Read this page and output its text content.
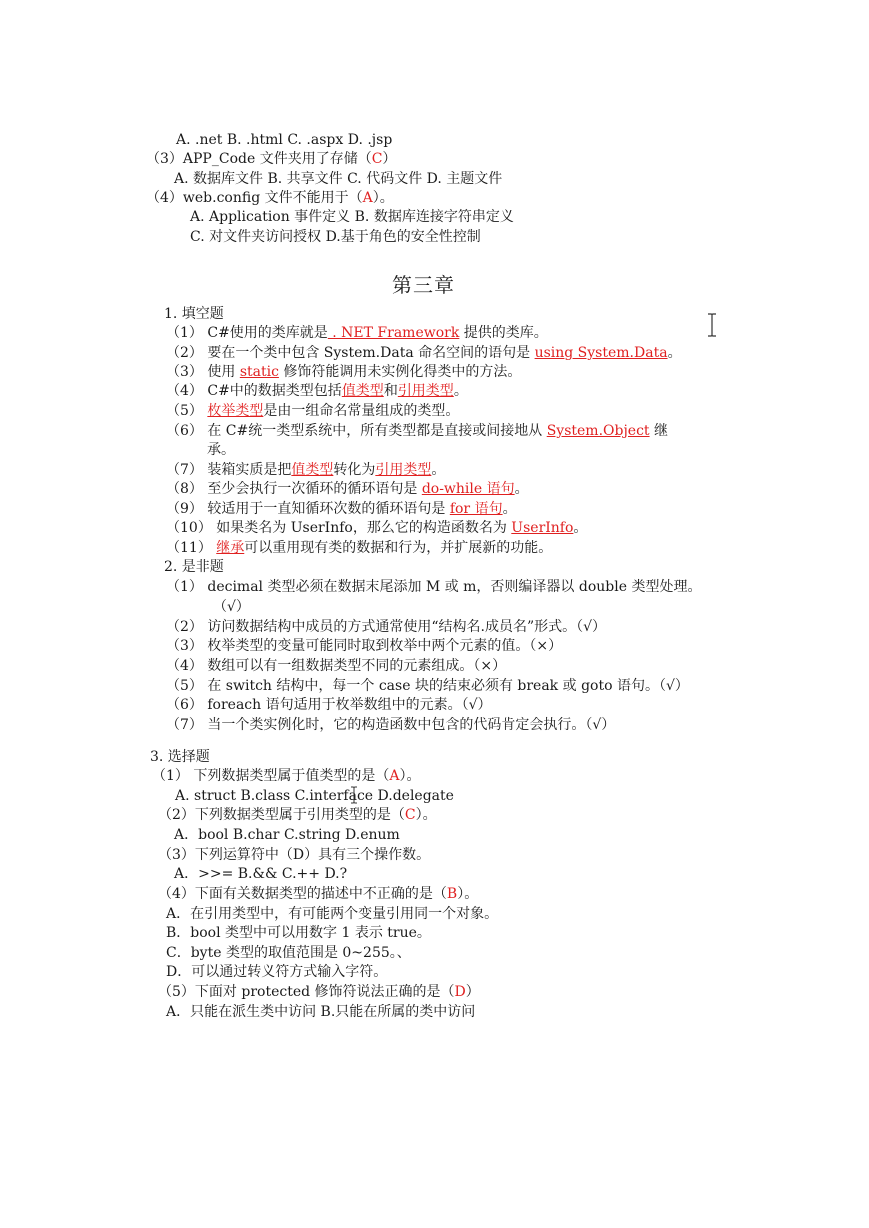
第三章
A. .net B. .html C. .aspx D. .jsp
（3）APP_Code 文件夹用了存储（C）
A. 数据库文件 B. 共享文件 C. 代码文件 D. 主题文件
（4）web.config 文件不能用于（A）。
A. Application 事件定义 B. 数据库连接字符串定义
C. 对文件夹访问授权 D.基于角色的安全性控制
1. 填空题
（1） C#使用的类库就是 . NET Framework 提供的类库。
（2） 要在一个类中包含 System.Data 命名空间的语句是 using System.Data。
（3） 使用 static 修饰符能调用未实例化得类中的方法。
（4） C#中的数据类型包括值类型和引用类型。
（5） 枚举类型是由一组命名常量组成的类型。
（6） 在 C#统一类型系统中，所有类型都是直接或间接地从 System.Object 继
承。
（7） 装箱实质是把值类型转化为引用类型。
（8） 至少会执行一次循环的循环语句是 do-while 语句。
（9） 较适用于一直知循环次数的循环语句是 for 语句。
（10） 如果类名为 UserInfo，那么它的构造函数名为 UserInfo。
（11） 继承可以重用现有类的数据和行为，并扩展新的功能。
2. 是非题
（1） decimal 类型必须在数据末尾添加 M 或 m，否则编译器以 double 类型处理。
（√）
（2） 访问数据结构中成员的方式通常使用“结构名.成员名”形式。（√）
（3） 枚举类型的变量可能同时取到枚举中两个元素的值。（×）
（4） 数组可以有一组数据类型不同的元素组成。（×）
（5） 在 switch 结构中，每一个 case 块的结束必须有 break 或 goto 语句。（√）
（6） foreach 语句适用于枚举数组中的元素。（√）
（7） 当一个类实例化时，它的构造函数中包含的代码肯定会执行。（√）
3. 选择题
（1） 下列数据类型属于值类型的是（A）。
A. struct B.class C.interface D.delegate
（2）下列数据类型属于引用类型的是（C）。
A．bool B.char C.string D.enum
（3）下列运算符中（D）具有三个操作数。
A．>>= B.&& C.++ D.?
（4）下面有关数据类型的描述中不正确的是（B）。
A．在引用类型中，有可能两个变量引用同一个对象。
B．bool 类型中可以用数字 1 表示 true。
C．byte 类型的取值范围是 0~255。、
D．可以通过转义符方式输入字符。
（5）下面对 protected 修饰符说法正确的是（D）
A．只能在派生类中访问 B.只能在所属的类中访问
